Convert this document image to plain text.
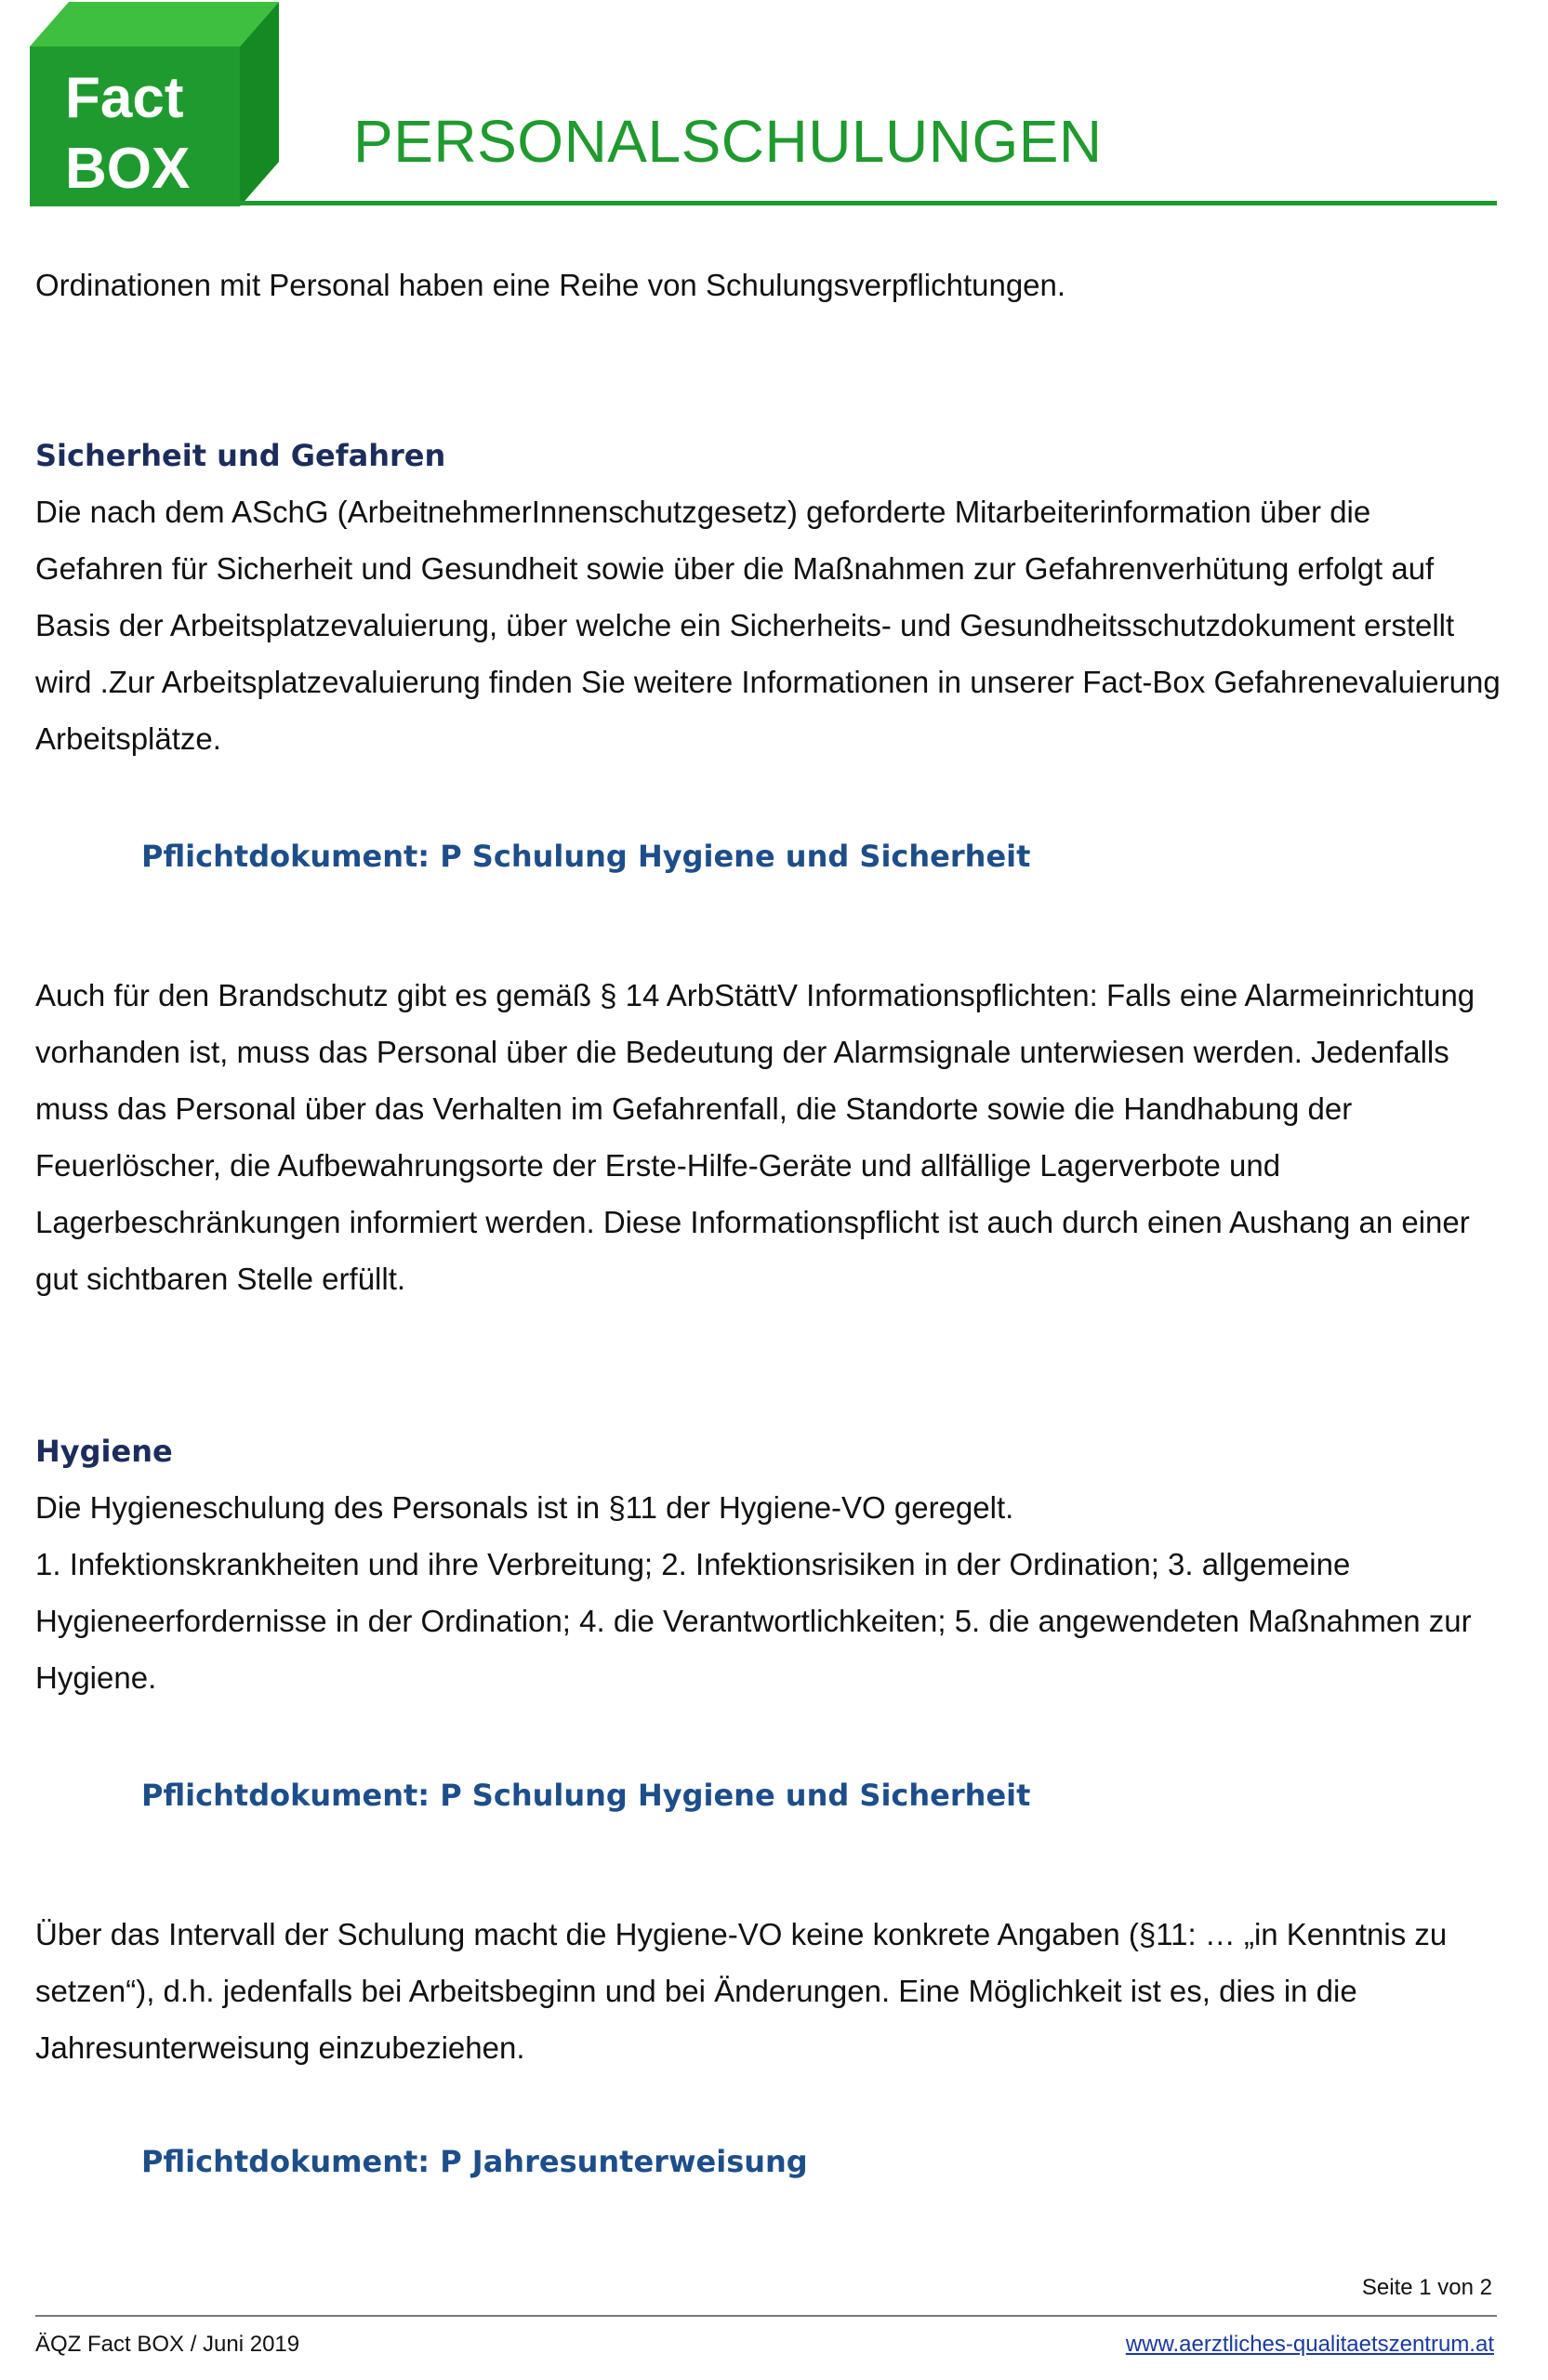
Fact
BOX	PERSONALSCHULUNGEN

Ordinationen mit Personal haben eine Reihe von Schulungsverpflichtungen.

Sicherheit und Gefahren

Die nach dem ASchG (ArbeitnehmerInnenschutzgesetz) geforderte Mitarbeiterinformation über die Gefahren für Sicherheit und Gesundheit sowie über die Maßnahmen zur Gefahrenverhütung erfolgt auf Basis der Arbeitsplatzevaluierung, über welche ein Sicherheits- und Gesundheitsschutzdokument erstellt wird .Zur Arbeitsplatzevaluierung finden Sie weitere Informationen in unserer Fact-Box Gefahrenevaluierung Arbeitsplätze.

Pflichtdokument: P Schulung Hygiene und Sicherheit

Auch für den Brandschutz gibt es gemäß § 14 ArbStättV Informationspflichten: Falls eine Alarmeinrichtung vorhanden ist, muss das Personal über die Bedeutung der Alarmsignale unterwiesen werden. Jedenfalls muss das Personal über das Verhalten im Gefahrenfall, die Standorte sowie die Handhabung der Feuerlöscher, die Aufbewahrungsorte der Erste-Hilfe-Geräte und allfällige Lagerverbote und Lagerbeschränkungen informiert werden. Diese Informationspflicht ist auch durch einen Aushang an einer gut sichtbaren Stelle erfüllt.

Hygiene

Die Hygieneschulung des Personals ist in §11 der Hygiene-VO geregelt.

1. Infektionskrankheiten und ihre Verbreitung; 2. Infektionsrisiken in der Ordination; 3. allgemeine Hygieneerfordernisse in der Ordination; 4. die Verantwortlichkeiten; 5. die angewendeten Maßnahmen zur Hygiene.

Pflichtdokument: P Schulung Hygiene und Sicherheit

Über das Intervall der Schulung macht die Hygiene-VO keine konkrete Angaben (§11: … „in Kenntnis zu setzen“), d.h. jedenfalls bei Arbeitsbeginn und bei Änderungen. Eine Möglichkeit ist es, dies in die Jahresunterweisung einzubeziehen.

Pflichtdokument: P Jahresunterweisung
Seite 1 von 2
ÄQZ Fact BOX / Juni 2019	www.aerztliches-qualitaetszentrum.at
